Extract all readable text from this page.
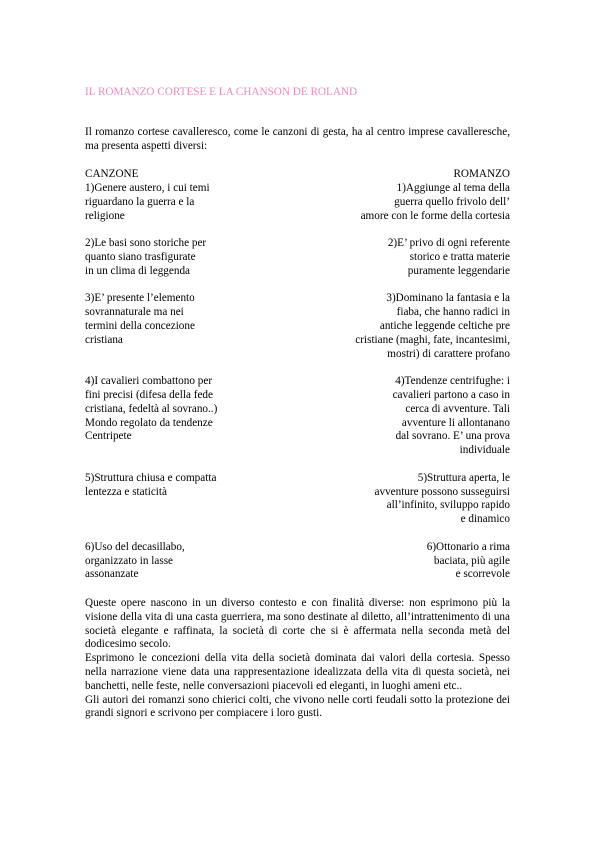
IL ROMANZO CORTESE E LA CHANSON DE ROLAND
Il romanzo cortese cavalleresco, come le canzoni di gesta, ha al centro imprese cavalleresche, ma presenta aspetti diversi:
CANZONE	ROMANZO
1)Genere austero, i cui temi
riguardano la guerra e la
religione
1)Aggiunge al tema della
guerra quello frivolo dell’
amore con le forme della cortesia
2)Le basi sono storiche per
quanto siano trasfigurate
in un clima di leggenda
2)E’ privo di ogni referente
storico e tratta materie
puramente leggendarie
3)E’ presente l’elemento
sovrannaturale ma nei
termini della concezione
cristiana
3)Dominano la fantasia e la
fiaba, che hanno radici in
antiche leggende celtiche pre
cristiane (maghi, fate, incantesimi,
mostri) di carattere profano
4)I cavalieri combattono per
fini precisi (difesa della fede
cristiana, fedeltà al sovrano..)
Mondo regolato da tendenze
Centripete
4)Tendenze centrifughe: i
cavalieri partono a caso in
cerca di avventure. Tali
avventure li allontanano
dal sovrano. E’ una prova
individuale
5)Struttura chiusa e compatta
lentezza e staticità
5)Struttura aperta, le
avventure possono susseguirsi
all’infinito, sviluppo rapido
e dinamico
6)Uso del decasillabo,
organizzato in lasse
assonanzate
6)Ottonario a rima
baciata, più agile
e scorrevole

Queste opere nascono in un diverso contesto e con finalità diverse: non esprimono più la visione della vita di una casta guerriera, ma sono destinate al diletto, all’intrattenimento di una società elegante e raffinata, la società di corte che si è affermata nella seconda metà del dodicesimo secolo.

Esprimono le concezioni della vita della società dominata dai valori della cortesia. Spesso nella narrazione viene data una rappresentazione idealizzata della vita di questa società, nei banchetti, nelle feste, nelle conversazioni piacevoli ed eleganti, in luoghi ameni etc..

Gli autori dei romanzi sono chierici colti, che vivono nelle corti feudali sotto la protezione dei grandi signori e scrivono per compiacere i loro gusti.
